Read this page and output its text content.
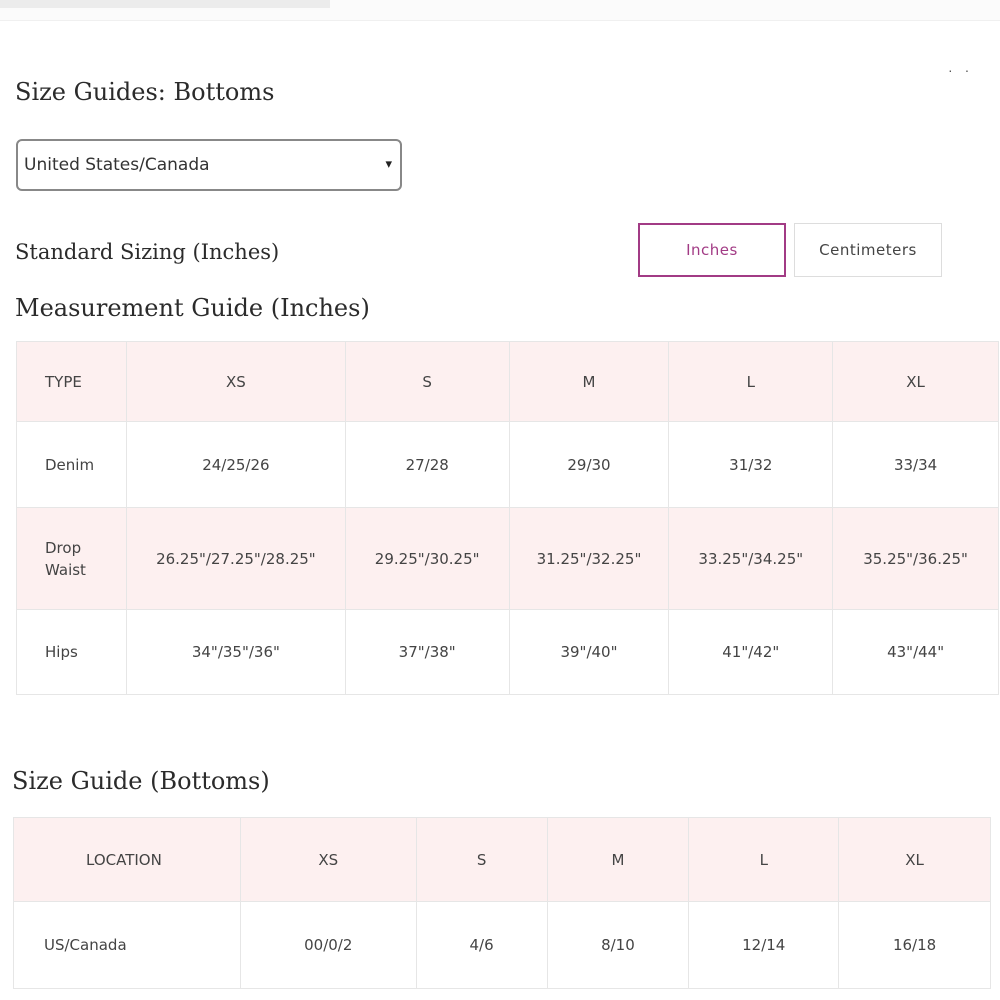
··
Size Guides: Bottoms
United States/Canada	▾
Standard Sizing (Inches)	Inches	Centimeters
Measurement Guide (Inches)
TYPE	XS	S	M	L	XL
Denim	24/25/26	27/28	29/30	31/32	33/34
Drop Waist	26.25"/27.25"/28.25"	29.25"/30.25"	31.25"/32.25"	33.25"/34.25"	35.25"/36.25"
Hips	34"/35"/36"	37"/38"	39"/40"	41"/42"	43"/44"
Size Guide (Bottoms)
LOCATION	XS	S	M	L	XL
US/Canada	00/0/2	4/6	8/10	12/14	16/18
